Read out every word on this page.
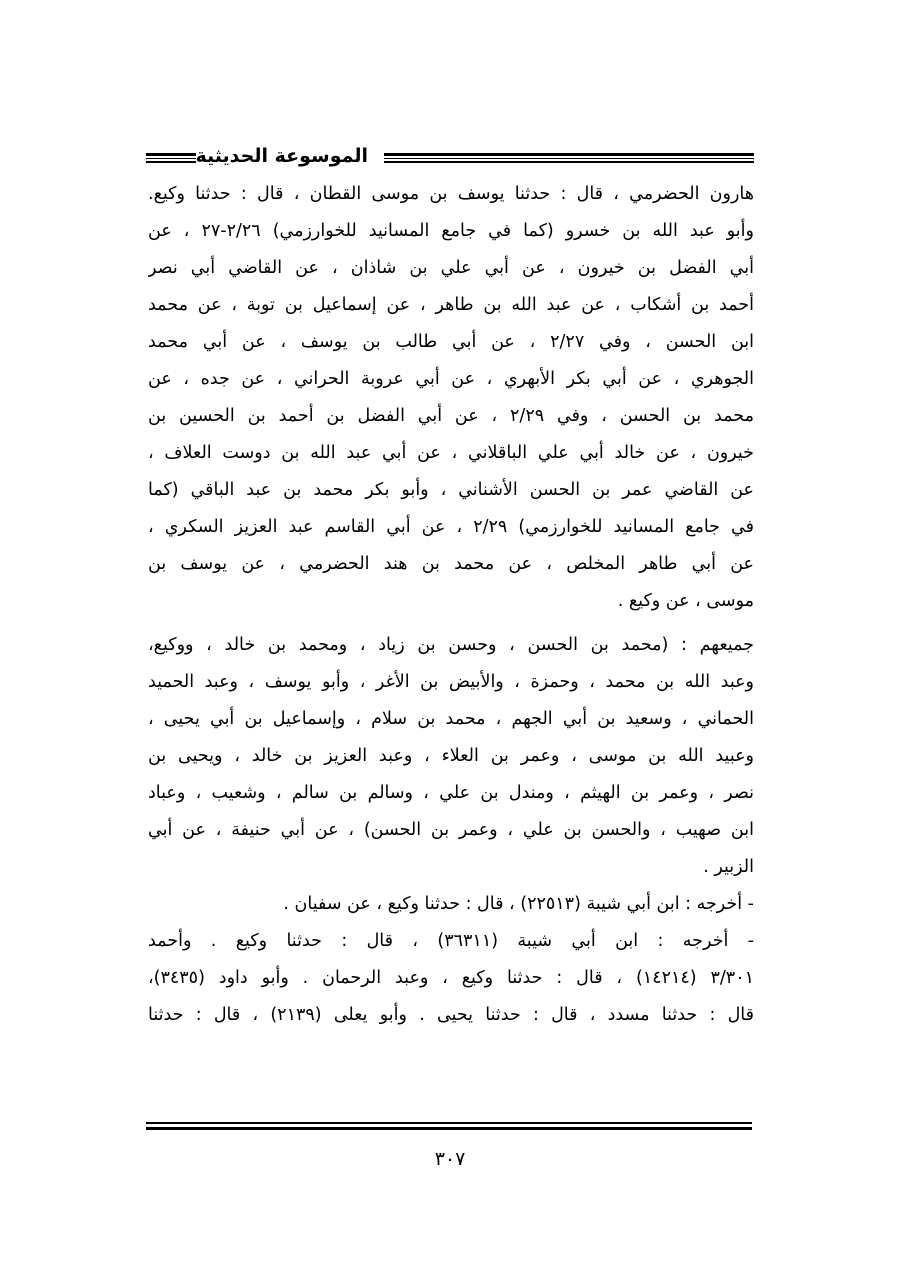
الموسوعة الحديثية
هارون الحضرمي ، قال : حدثنا يوسف بن موسى القطان ، قال : حدثنا وكيع.
وأبو عبد الله بن خسرو (كما في جامع المسانيد للخوارزمي) ٢/٢٦-٢٧ ، عن
أبي الفضل بن خيرون ، عن أبي علي بن شاذان ، عن القاضي أبي نصر
أحمد بن أشكاب ، عن عبد الله بن طاهر ، عن إسماعيل بن توبة ، عن محمد
ابن الحسن ، وفي ٢/٢٧ ، عن أبي طالب بن يوسف ، عن أبي محمد
الجوهري ، عن أبي بكر الأبهري ، عن أبي عروبة الحراني ، عن جده ، عن
محمد بن الحسن ، وفي ٢/٢٩ ، عن أبي الفضل بن أحمد بن الحسين بن
خيرون ، عن خالد أبي علي الباقلاني ، عن أبي عبد الله بن دوست العلاف ،
عن القاضي عمر بن الحسن الأشناني ، وأبو بكر محمد بن عبد الباقي (كما
في جامع المسانيد للخوارزمي) ٢/٢٩ ، عن أبي القاسم عبد العزيز السكري ،
عن أبي طاهر المخلص ، عن محمد بن هند الحضرمي ، عن يوسف بن
موسى ، عن وكيع .
جميعهم : (محمد بن الحسن ، وحسن بن زياد ، ومحمد بن خالد ، ووكيع،
وعبد الله بن محمد ، وحمزة ، والأبيض بن الأغر ، وأبو يوسف ، وعبد الحميد
الحماني ، وسعيد بن أبي الجهم ، محمد بن سلام ، وإسماعيل بن أبي يحيى ،
وعبيد الله بن موسى ، وعمر بن العلاء ، وعبد العزيز بن خالد ، ويحيى بن
نصر ، وعمر بن الهيثم ، ومندل بن علي ، وسالم بن سالم ، وشعيب ، وعباد
ابن صهيب ، والحسن بن علي ، وعمر بن الحسن) ، عن أبي حنيفة ، عن أبي
الزبير .
- أخرجه : ابن أبي شيبة (٢٢٥١٣) ، قال : حدثنا وكيع ، عن سفيان .
- أخرجه : ابن أبي شيبة (٣٦٣١١) ، قال : حدثنا وكيع . وأحمد
٣/٣٠١ (١٤٢١٤) ، قال : حدثنا وكيع ، وعبد الرحمان . وأبو داود (٣٤٣٥)،
قال : حدثنا مسدد ، قال : حدثنا يحيى . وأبو يعلى (٢١٣٩) ، قال : حدثنا
٣٠٧
